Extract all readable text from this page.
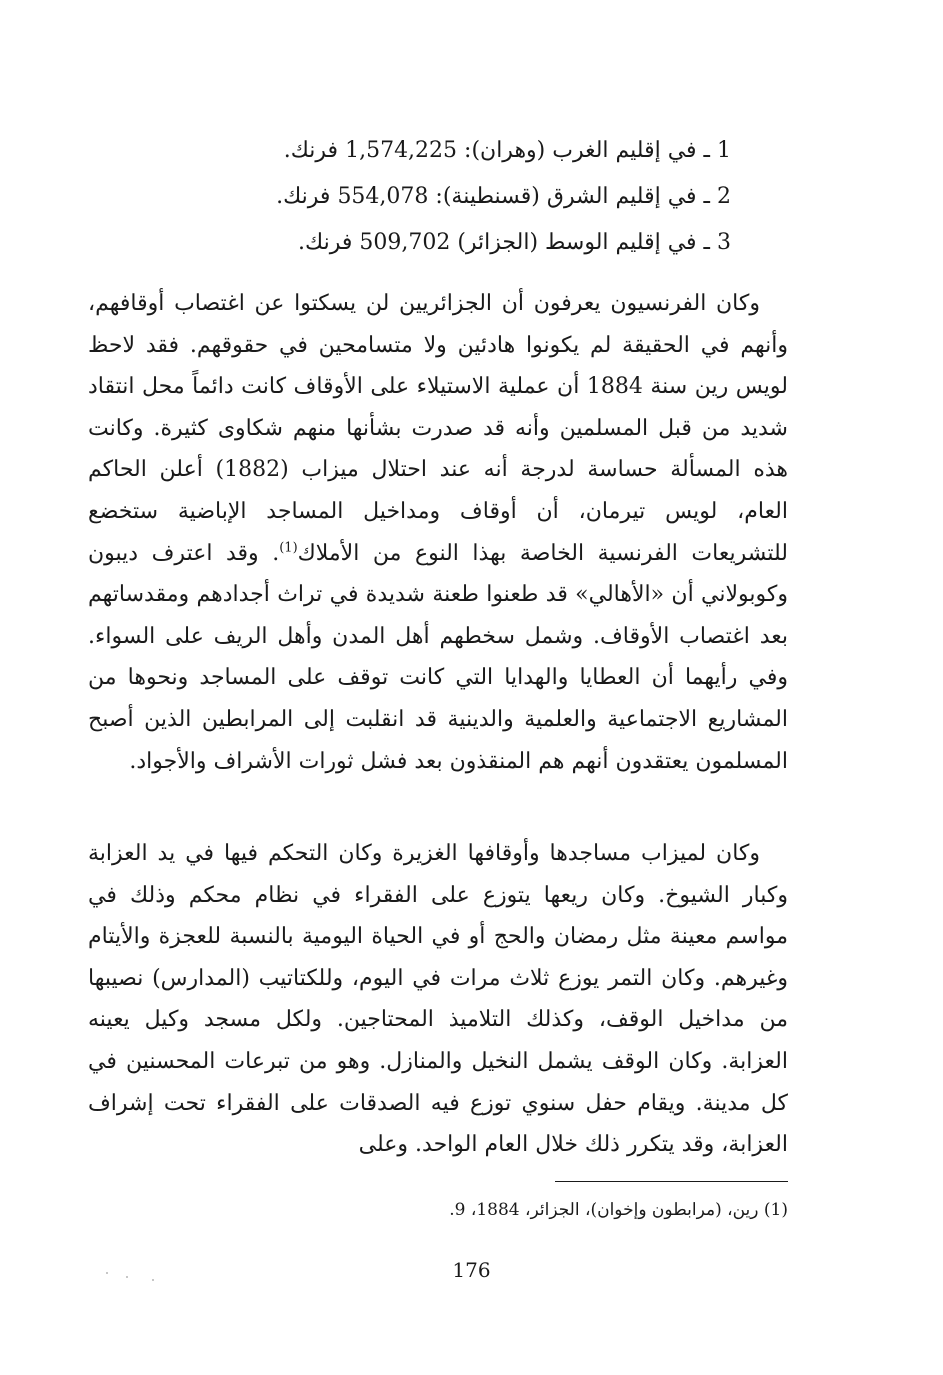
1 ـ في إقليم الغرب (وهران): 1,574,225 فرنك.
2 ـ في إقليم الشرق (قسنطينة): 554,078 فرنك.
3 ـ في إقليم الوسط (الجزائر) 509,702 فرنك.

وكان الفرنسيون يعرفون أن الجزائريين لن يسكتوا عن اغتصاب أوقافهم، وأنهم في الحقيقة لم يكونوا هادئين ولا متسامحين في حقوقهم. فقد لاحظ لويس رين سنة 1884 أن عملية الاستيلاء على الأوقاف كانت دائماً محل انتقاد شديد من قبل المسلمين وأنه قد صدرت بشأنها منهم شكاوى كثيرة. وكانت هذه المسألة حساسة لدرجة أنه عند احتلال ميزاب (1882) أعلن الحاكم العام، لويس تيرمان، أن أوقاف ومداخيل المساجد الإباضية ستخضع للتشريعات الفرنسية الخاصة بهذا النوع من الأملاك$^{(1)}$. وقد اعترف ديبون وكوبولاني أن «الأهالي» قد طعنوا طعنة شديدة في تراث أجدادهم ومقدساتهم بعد اغتصاب الأوقاف. وشمل سخطهم أهل المدن وأهل الريف على السواء. وفي رأيهما أن العطايا والهدايا التي كانت توقف على المساجد ونحوها من المشاريع الاجتماعية والعلمية والدينية قد انقلبت إلى المرابطين الذين أصبح المسلمون يعتقدون أنهم هم المنقذون بعد فشل ثورات الأشراف والأجواد.

وكان لميزاب مساجدها وأوقافها الغزيرة وكان التحكم فيها في يد العزابة وكبار الشيوخ. وكان ريعها يتوزع على الفقراء في نظام محكم وذلك في مواسم معينة مثل رمضان والحج أو في الحياة اليومية بالنسبة للعجزة والأيتام وغيرهم. وكان التمر يوزع ثلاث مرات في اليوم، وللكتاتيب (المدارس) نصيبها من مداخيل الوقف، وكذلك التلاميذ المحتاجين. ولكل مسجد وكيل يعينه العزابة. وكان الوقف يشمل النخيل والمنازل. وهو من تبرعات المحسنين في كل مدينة. ويقام حفل سنوي توزع فيه الصدقات على الفقراء تحت إشراف العزابة، وقد يتكرر ذلك خلال العام الواحد. وعلى

(1) رين، (مرابطون وإخوان)، الجزائر، 1884، 9.

176
